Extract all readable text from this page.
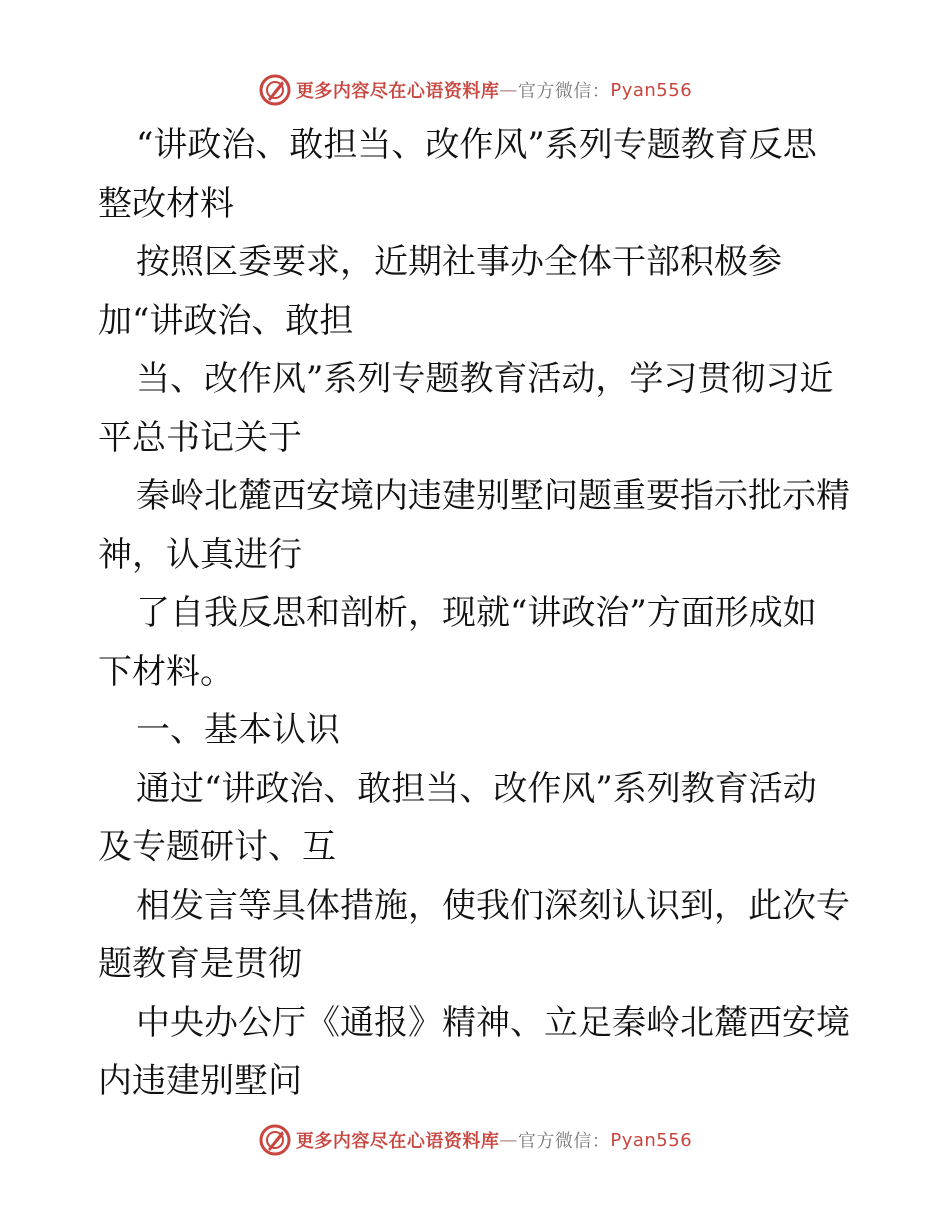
更多内容尽在心语资料库 — 官方微信： Pyan556
“讲政治、敢担当、改作风”系列专题教育反思
整改材料
按照区委要求，近期社事办全体干部积极参
加“讲政治、敢担
当、改作风”系列专题教育活动，学习贯彻习近
平总书记关于
秦岭北麓西安境内违建别墅问题重要指示批示精
神，认真进行
了自我反思和剖析，现就“讲政治”方面形成如
下材料。
一、基本认识
通过“讲政治、敢担当、改作风”系列教育活动
及专题研讨、互
相发言等具体措施，使我们深刻认识到，此次专
题教育是贯彻
中央办公厅《通报》精神、立足秦岭北麓西安境
内违建别墅问
更多内容尽在心语资料库 — 官方微信： Pyan556
